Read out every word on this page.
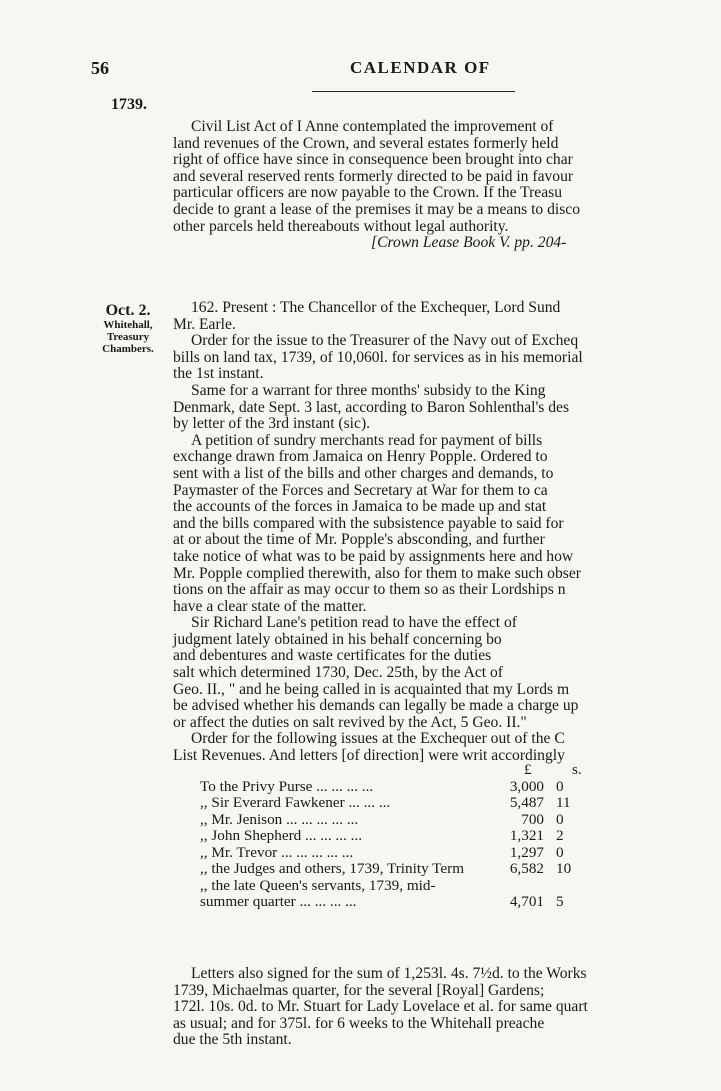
56	CALENDAR OF
1739.

Civil List Act of I Anne contemplated the improvement of

land revenues of the Crown, and several estates formerly held

right of office have since in consequence been brought into char

and several reserved rents formerly directed to be paid in favour

particular officers are now payable to the Crown. If the Treasu

decide to grant a lease of the premises it may be a means to disco

other parcels held thereabouts without legal authority.

[Crown Lease Book V. pp. 204-

Oct. 2.
Whitehall,
Treasury
Chambers.

162. Present : The Chancellor of the Exchequer, Lord Sund

Mr. Earle.

Order for the issue to the Treasurer of the Navy out of Excheq

bills on land tax, 1739, of 10,060l. for services as in his memorial

the 1st instant.

Same for a warrant for three months' subsidy to the King

Denmark, date Sept. 3 last, according to Baron Sohlenthal's des

by letter of the 3rd instant (sic).

A petition of sundry merchants read for payment of bills

exchange drawn from Jamaica on Henry Popple. Ordered to

sent with a list of the bills and other charges and demands, to

Paymaster of the Forces and Secretary at War for them to ca

the accounts of the forces in Jamaica to be made up and stat

and the bills compared with the subsistence payable to said for

at or about the time of Mr. Popple's absconding, and further

take notice of what was to be paid by assignments here and how

Mr. Popple complied therewith, also for them to make such obser

tions on the affair as may occur to them so as their Lordships n

have a clear state of the matter.

Sir Richard Lane's petition read to have the effect of

judgment lately obtained in his behalf concerning bo

and debentures and waste certificates for the duties

salt which determined 1730, Dec. 25th, by the Act of

Geo. II., " and he being called in is acquainted that my Lords m

be advised whether his demands can legally be made a charge up

or affect the duties on salt revived by the Act, 5 Geo. II."

Order for the following issues at the Exchequer out of the C

List Revenues. And letters [of direction] were writ accordingly

£	s.
To the Privy Purse ... ... ... ...	3,000 0
,, Sir Everard Fawkener ... ... ...	5,487 11
,, Mr. Jenison ... ... ... ... ...	700 0
,, John Shepherd ... ... ... ...	1,321 2
,, Mr. Trevor ... ... ... ... ...	1,297 0
,, the Judges and others, 1739, Trinity Term	6,582 10
,, the late Queen's servants, 1739, mid-
summer quarter ... ... ... ...	4,701 5

Letters also signed for the sum of 1,253l. 4s. 7½d. to the Works

1739, Michaelmas quarter, for the several [Royal] Gardens;

172l. 10s. 0d. to Mr. Stuart for Lady Lovelace et al. for same quart

as usual; and for 375l. for 6 weeks to the Whitehall preache

due the 5th instant.
